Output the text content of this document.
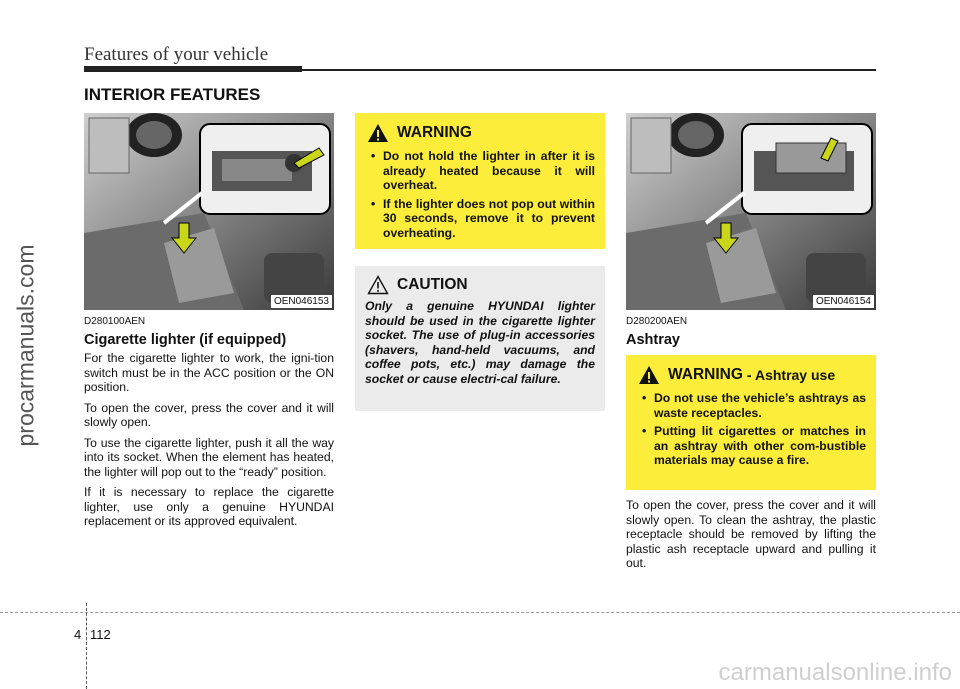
Features of your vehicle
INTERIOR FEATURES
procarmanuals.com	OEN046153
D280100AEN
Cigarette lighter (if equipped)

For the cigarette lighter to work, the igni-tion switch must be in the ACC position or the ON position.

To open the cover, press the cover and it will slowly open.

To use the cigarette lighter, push it all the way into its socket. When the element has heated, the lighter will pop out to the “ready” position.

If it is necessary to replace the cigarette lighter, use only a genuine HYUNDAI replacement or its approved equivalent.

WARNING
• Do not hold the lighter in after it is already heated because it will overheat.
• If the lighter does not pop out within 30 seconds, remove it to prevent overheating.
CAUTION
Only a genuine HYUNDAI lighter should be used in the cigarette lighter socket. The use of plug-in accessories (shavers, hand-held vacuums, and coffee pots, etc.) may damage the socket or cause electri-cal failure.
OEN046154
D280200AEN
Ashtray
WARNING - Ashtray use
• Do not use the vehicle’s ashtrays as waste receptacles.
• Putting lit cigarettes or matches in an ashtray with other com-bustible materials may cause a fire.
To open the cover, press the cover and it will slowly open. To clean the ashtray, the plastic receptacle should be removed by lifting the plastic ash receptacle upward and pulling it out.
4 112
carmanualsonline.info
